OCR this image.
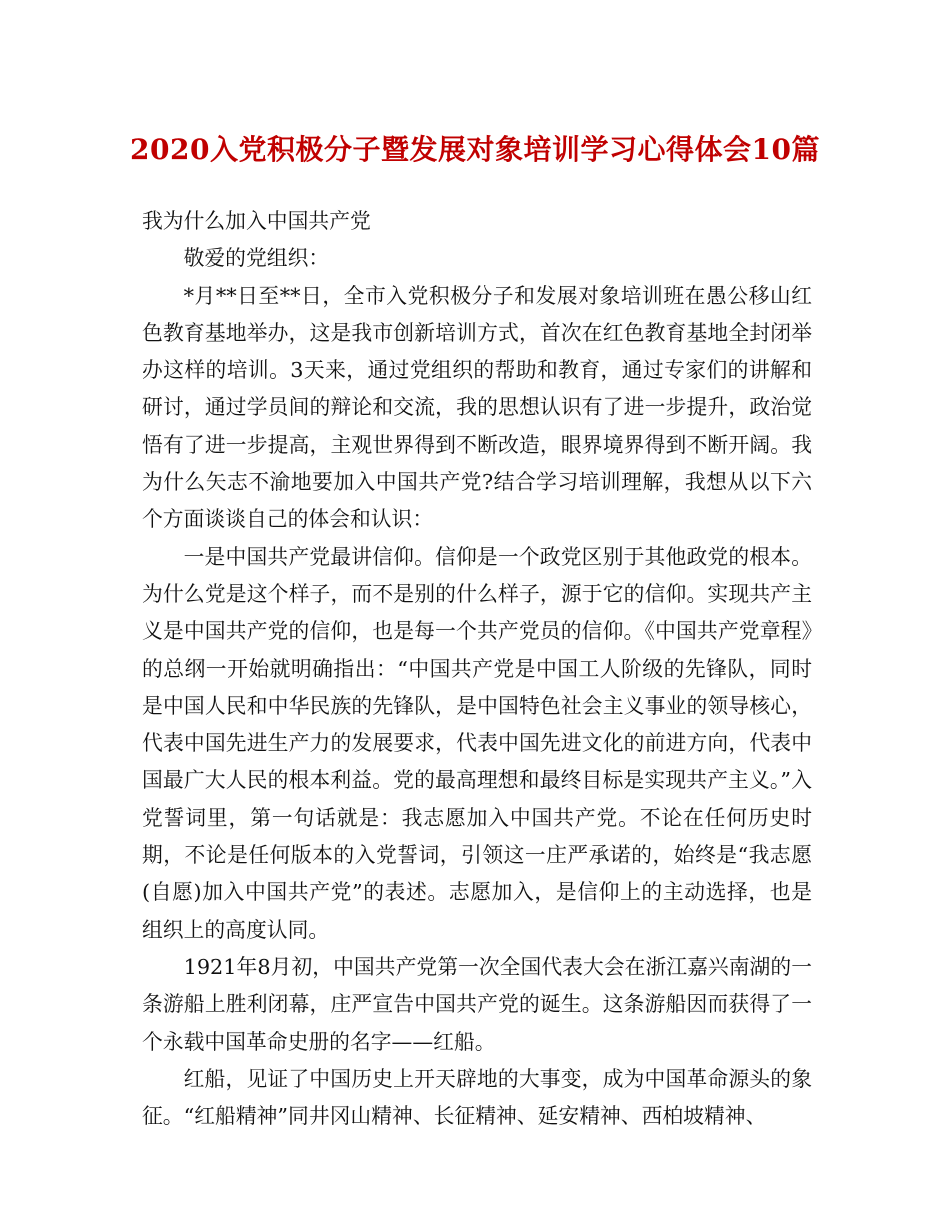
2020入党积极分子暨发展对象培训学习心得体会10篇

我为什么加入中国共产党

敬爱的党组织：

*月**日至**日，全市入党积极分子和发展对象培训班在愚公移山红色教育基地举办，这是我市创新培训方式，首次在红色教育基地全封闭举办这样的培训。3天来，通过党组织的帮助和教育，通过专家们的讲解和研讨，通过学员间的辩论和交流，我的思想认识有了进一步提升，政治觉悟有了进一步提高，主观世界得到不断改造，眼界境界得到不断开阔。我为什么矢志不渝地要加入中国共产党?结合学习培训理解，我想从以下六个方面谈谈自己的体会和认识：

一是中国共产党最讲信仰。信仰是一个政党区别于其他政党的根本。为什么党是这个样子，而不是别的什么样子，源于它的信仰。实现共产主义是中国共产党的信仰，也是每一个共产党员的信仰。《中国共产党章程》的总纲一开始就明确指出：“中国共产党是中国工人阶级的先锋队，同时是中国人民和中华民族的先锋队，是中国特色社会主义事业的领导核心，代表中国先进生产力的发展要求，代表中国先进文化的前进方向，代表中国最广大人民的根本利益。党的最高理想和最终目标是实现共产主义。”入党誓词里，第一句话就是：我志愿加入中国共产党。不论在任何历史时期，不论是任何版本的入党誓词，引领这一庄严承诺的，始终是“我志愿(自愿)加入中国共产党”的表述。志愿加入，是信仰上的主动选择，也是组织上的高度认同。

1921年8月初，中国共产党第一次全国代表大会在浙江嘉兴南湖的一条游船上胜利闭幕，庄严宣告中国共产党的诞生。这条游船因而获得了一个永载中国革命史册的名字——红船。

红船，见证了中国历史上开天辟地的大事变，成为中国革命源头的象征。“红船精神”同井冈山精神、长征精神、延安精神、西柏坡精神、
